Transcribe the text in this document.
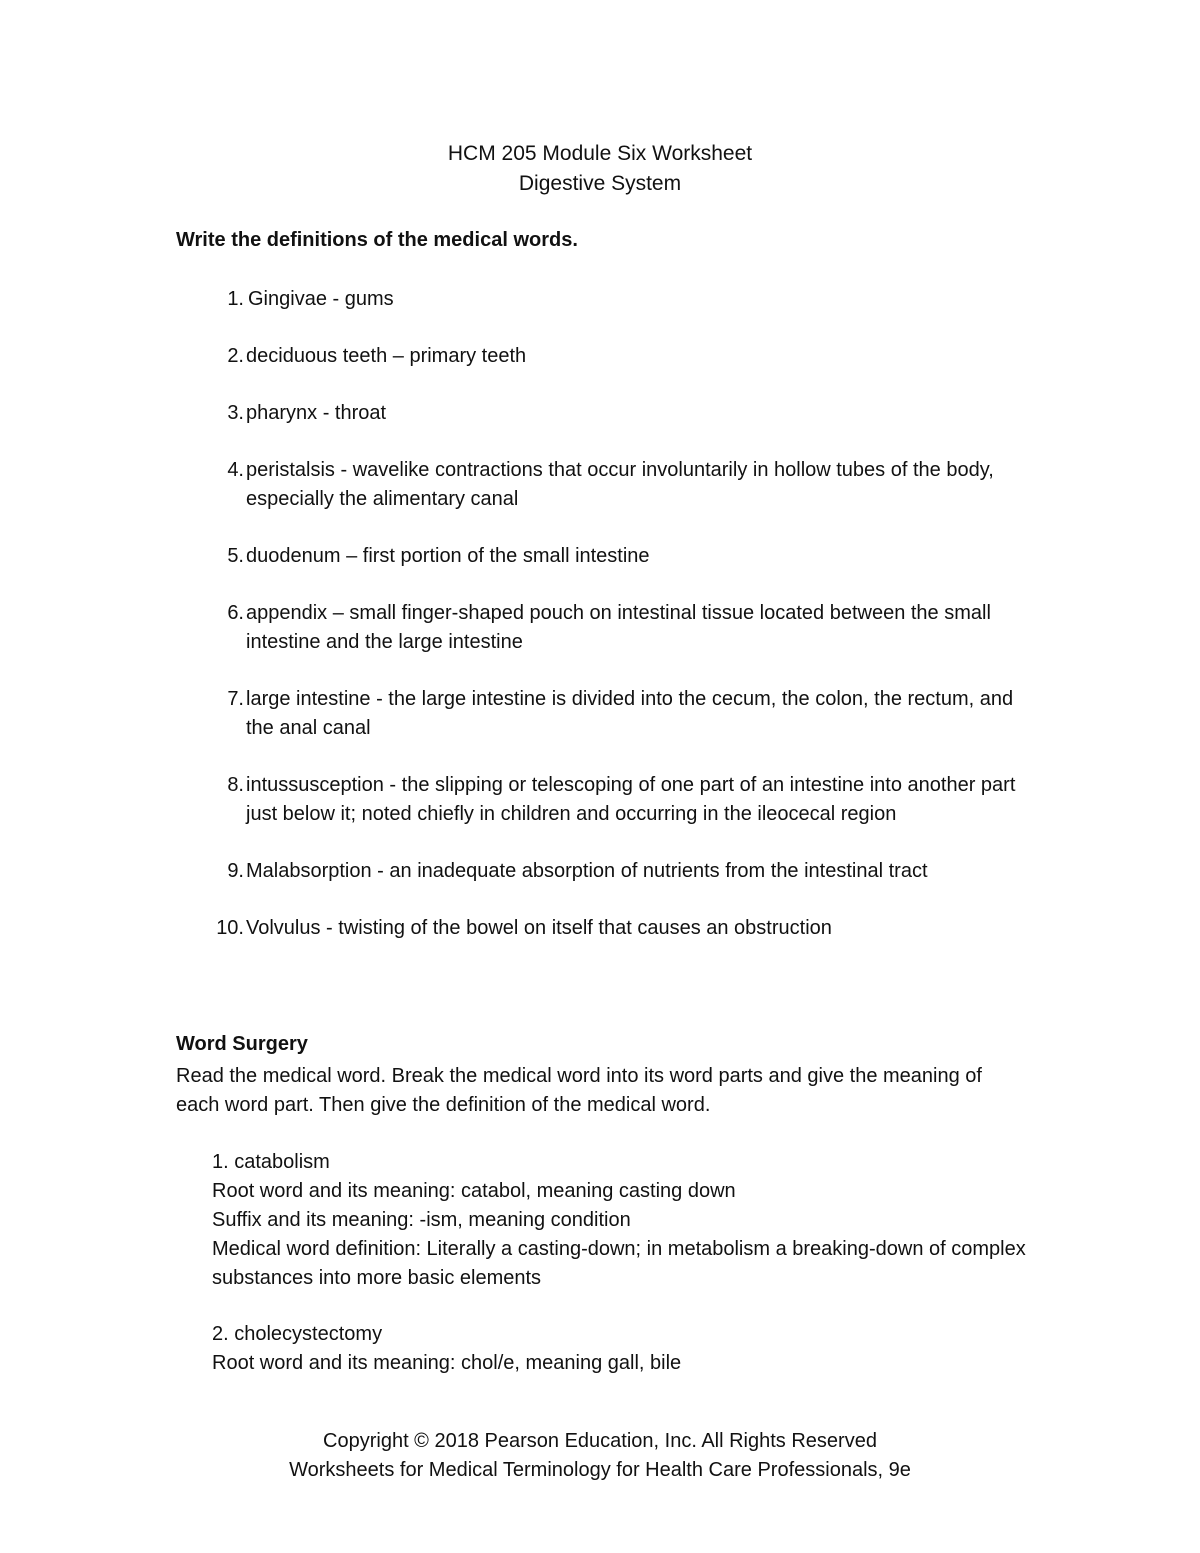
HCM 205 Module Six Worksheet
Digestive System
Write the definitions of the medical words.
1. Gingivae - gums
2. deciduous teeth – primary teeth
3. pharynx - throat
4. peristalsis - wavelike contractions that occur involuntarily in hollow tubes of the body, especially the alimentary canal
5. duodenum – first portion of the small intestine
6. appendix – small finger-shaped pouch on intestinal tissue located between the small intestine and the large intestine
7. large intestine - the large intestine is divided into the cecum, the colon, the rectum, and the anal canal
8. intussusception - the slipping or telescoping of one part of an intestine into another part just below it; noted chiefly in children and occurring in the ileocecal region
9. Malabsorption - an inadequate absorption of nutrients from the intestinal tract
10. Volvulus - twisting of the bowel on itself that causes an obstruction
Word Surgery
Read the medical word. Break the medical word into its word parts and give the meaning of each word part. Then give the definition of the medical word.
1. catabolism
Root word and its meaning: catabol, meaning casting down
Suffix and its meaning: -ism, meaning condition
Medical word definition: Literally a casting-down; in metabolism a breaking-down of complex substances into more basic elements
2. cholecystectomy
Root word and its meaning: chol/e, meaning gall, bile
Copyright © 2018 Pearson Education, Inc. All Rights Reserved
Worksheets for Medical Terminology for Health Care Professionals, 9e
